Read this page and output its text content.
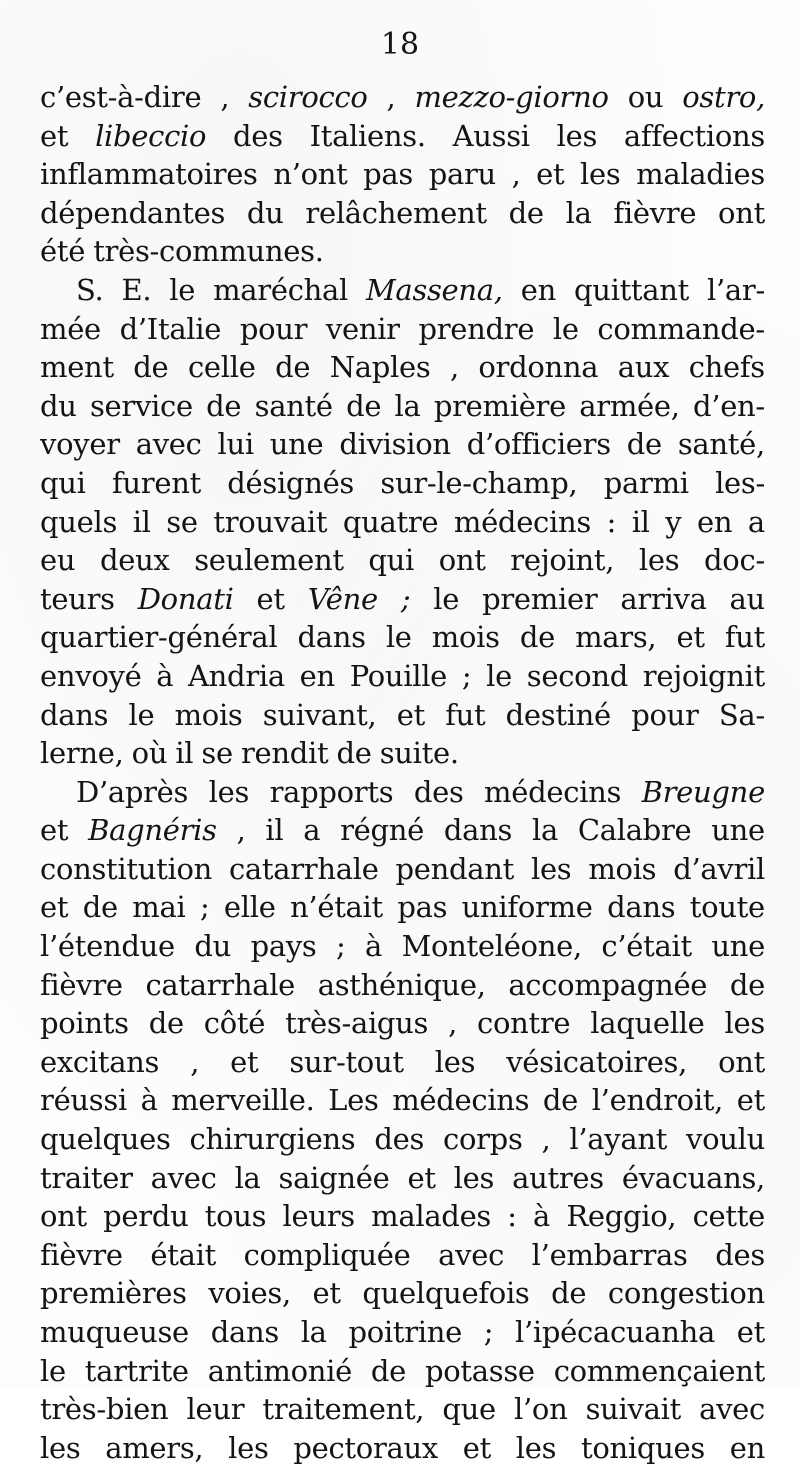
18
c’est-à-dire , scirocco , mezzo-giorno ou ostro,
et libeccio des Italiens. Aussi les affections
inflammatoires n’ont pas paru , et les maladies
dépendantes du relâchement de la fièvre ont
été très-communes.
S. E. le maréchal Massena, en quittant l’ar-
mée d’Italie pour venir prendre le commande-
ment de celle de Naples , ordonna aux chefs
du service de santé de la première armée, d’en-
voyer avec lui une division d’officiers de santé,
qui furent désignés sur-le-champ, parmi les-
quels il se trouvait quatre médecins : il y en a
eu deux seulement qui ont rejoint, les doc-
teurs Donati et Vêne ; le premier arriva au
quartier-général dans le mois de mars, et fut
envoyé à Andria en Pouille ; le second rejoignit
dans le mois suivant, et fut destiné pour Sa-
lerne, où il se rendit de suite.
D’après les rapports des médecins Breugne
et Bagnéris , il a régné dans la Calabre une
constitution catarrhale pendant les mois d’avril
et de mai ; elle n’était pas uniforme dans toute
l’étendue du pays ; à Monteléone, c’était une
fièvre catarrhale asthénique, accompagnée de
points de côté très-aigus , contre laquelle les
excitans , et sur-tout les vésicatoires, ont
réussi à merveille. Les médecins de l’endroit, et
quelques chirurgiens des corps , l’ayant voulu
traiter avec la saignée et les autres évacuans,
ont perdu tous leurs malades : à Reggio, cette
fièvre était compliquée avec l’embarras des
premières voies, et quelquefois de congestion
muqueuse dans la poitrine ; l’ipécacuanha et
le tartrite antimonié de potasse commençaient
très-bien leur traitement, que l’on suivait avec
les amers, les pectoraux et les toniques en
